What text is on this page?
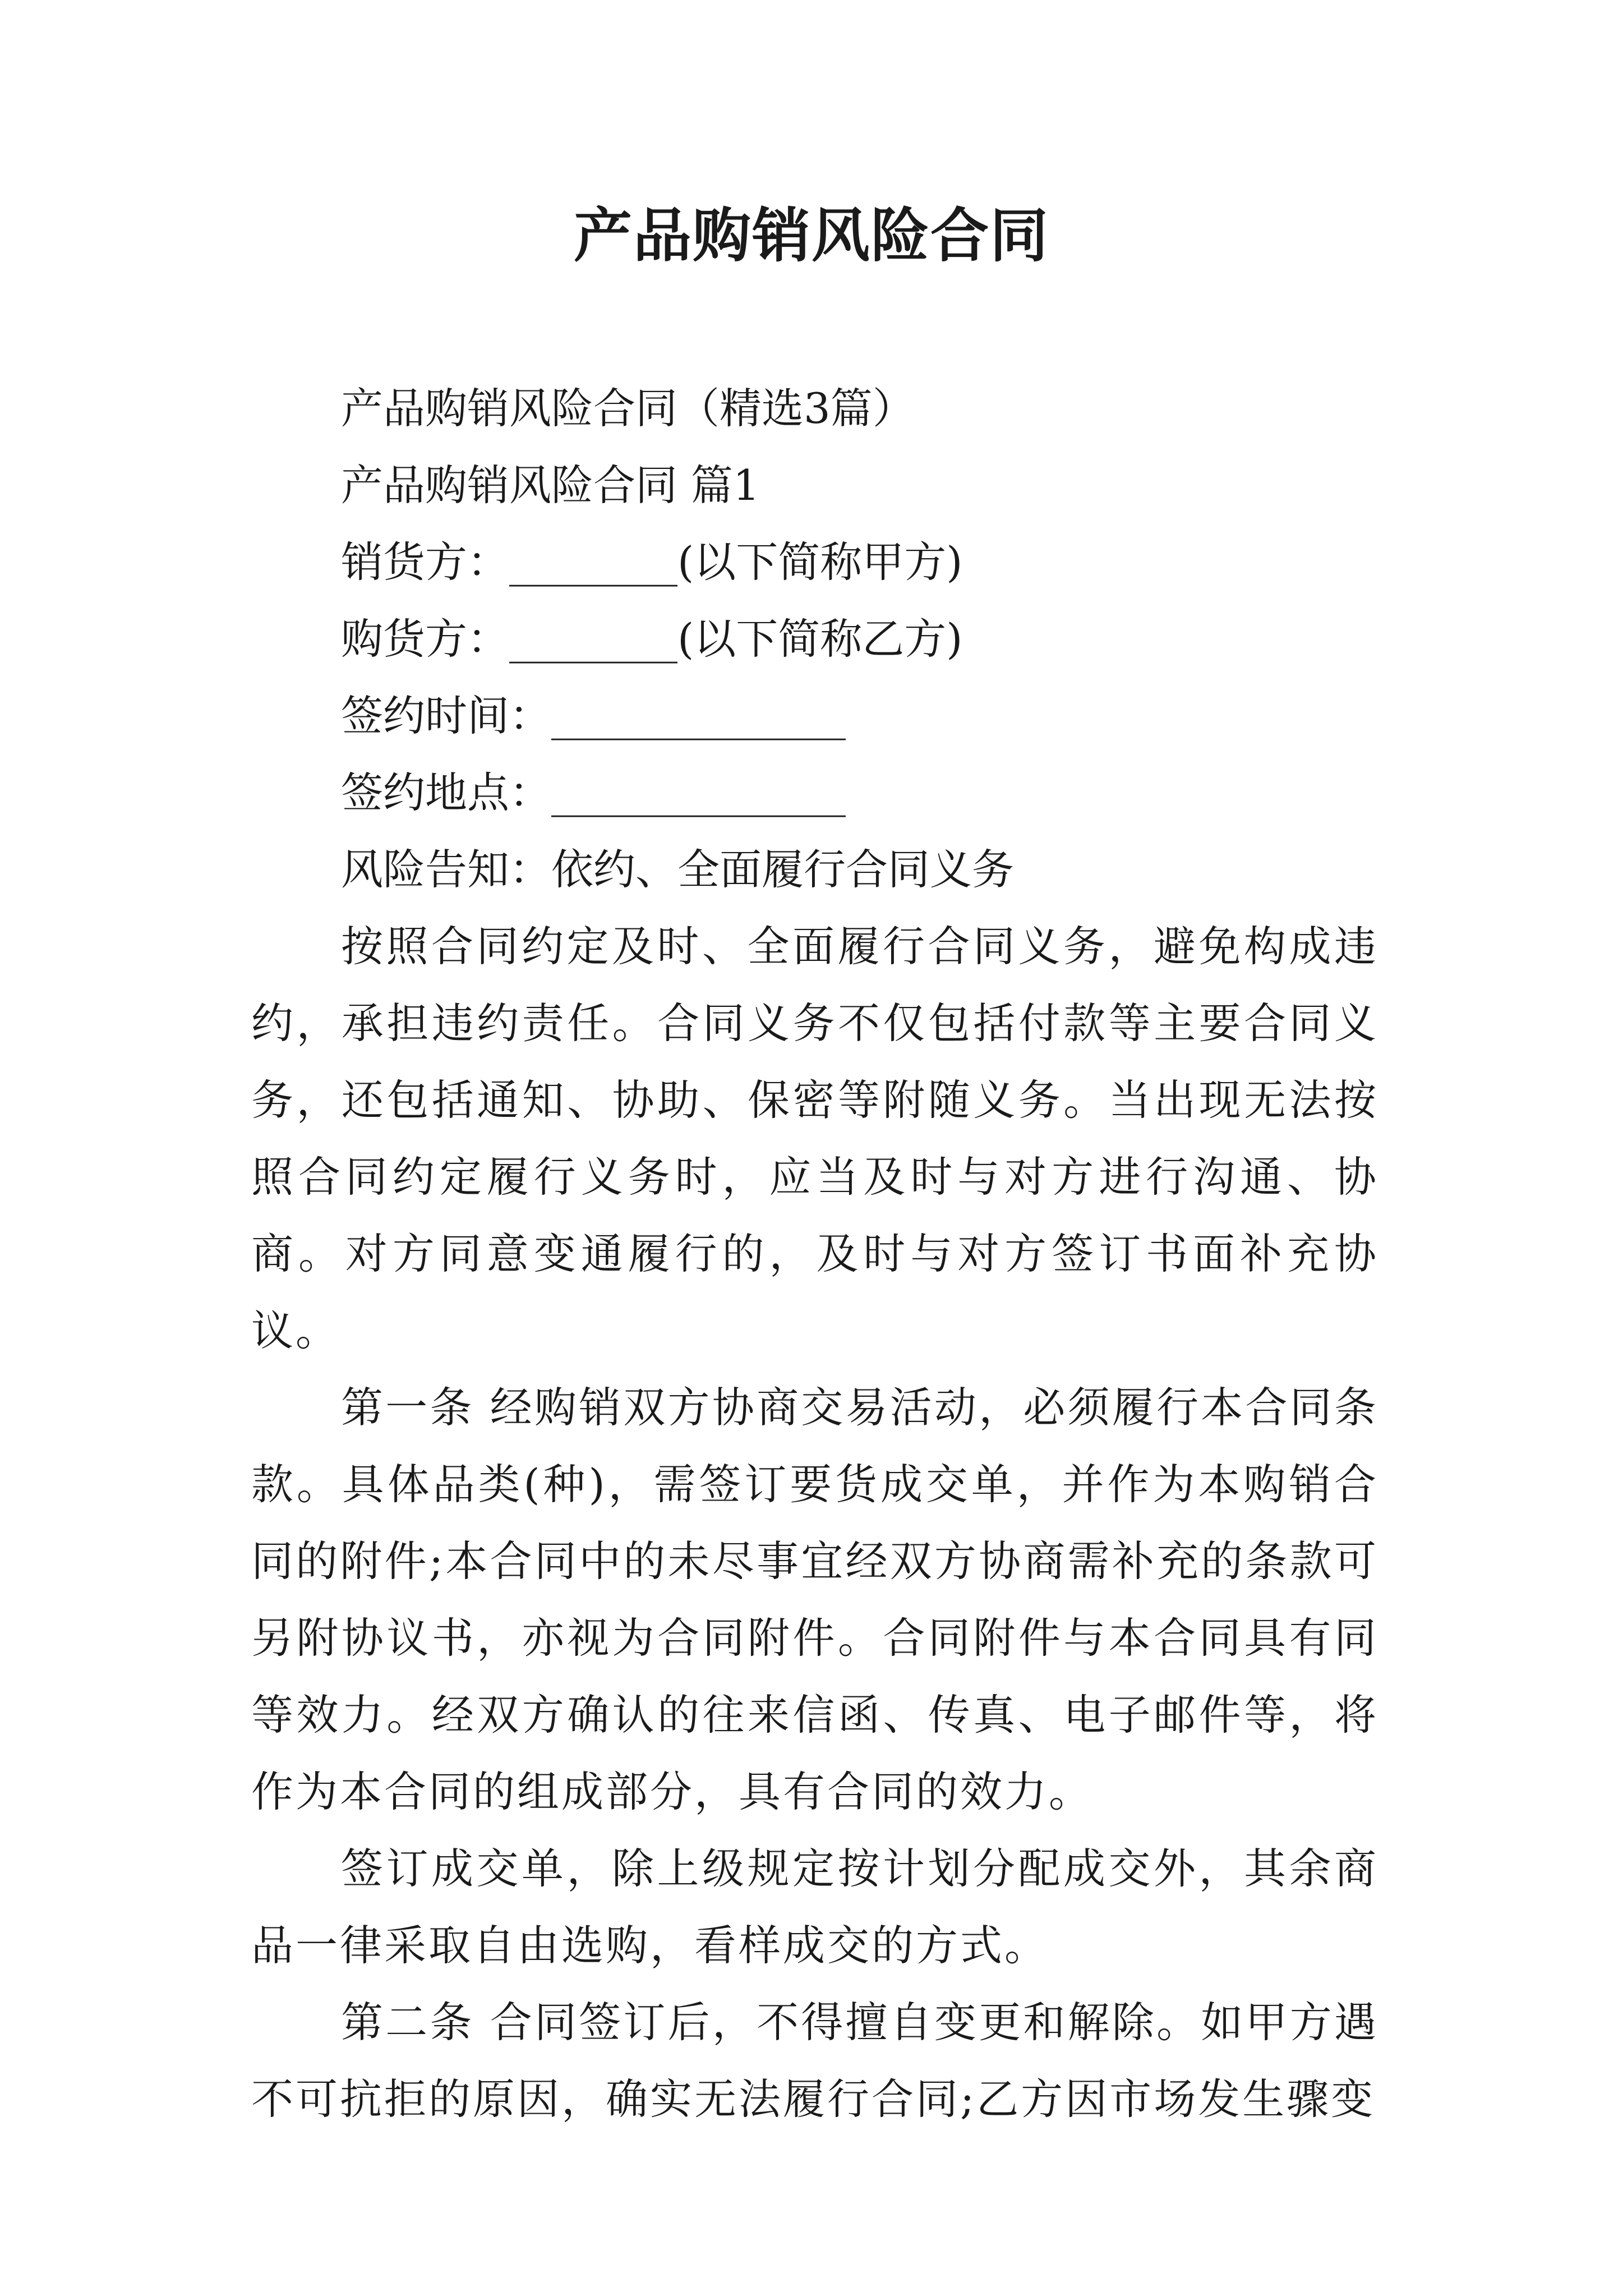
产品购销风险合同
产品购销风险合同（精选3篇）
产品购销风险合同 篇1
销货方：________(以下简称甲方)
购货方：________(以下简称乙方)
签约时间：______________
签约地点：______________
风险告知：依约、全面履行合同义务

按照合同约定及时、全面履行合同义务，避免构成违约，承担违约责任。合同义务不仅包括付款等主要合同义务，还包括通知、协助、保密等附随义务。当出现无法按照合同约定履行义务时，应当及时与对方进行沟通、协商。对方同意变通履行的，及时与对方签订书面补充协议。

第一条 经购销双方协商交易活动，必须履行本合同条款。具体品类(种)，需签订要货成交单，并作为本购销合同的附件;本合同中的未尽事宜经双方协商需补充的条款可另附协议书，亦视为合同附件。合同附件与本合同具有同等效力。经双方确认的往来信函、传真、电子邮件等，将作为本合同的组成部分，具有合同的效力。

签订成交单，除上级规定按计划分配成交外，其余商品一律采取自由选购，看样成交的方式。

第二条 合同签订后，不得擅自变更和解除。如甲方遇不可抗拒的原因，确实无法履行合同;乙方因市场发生骤变
